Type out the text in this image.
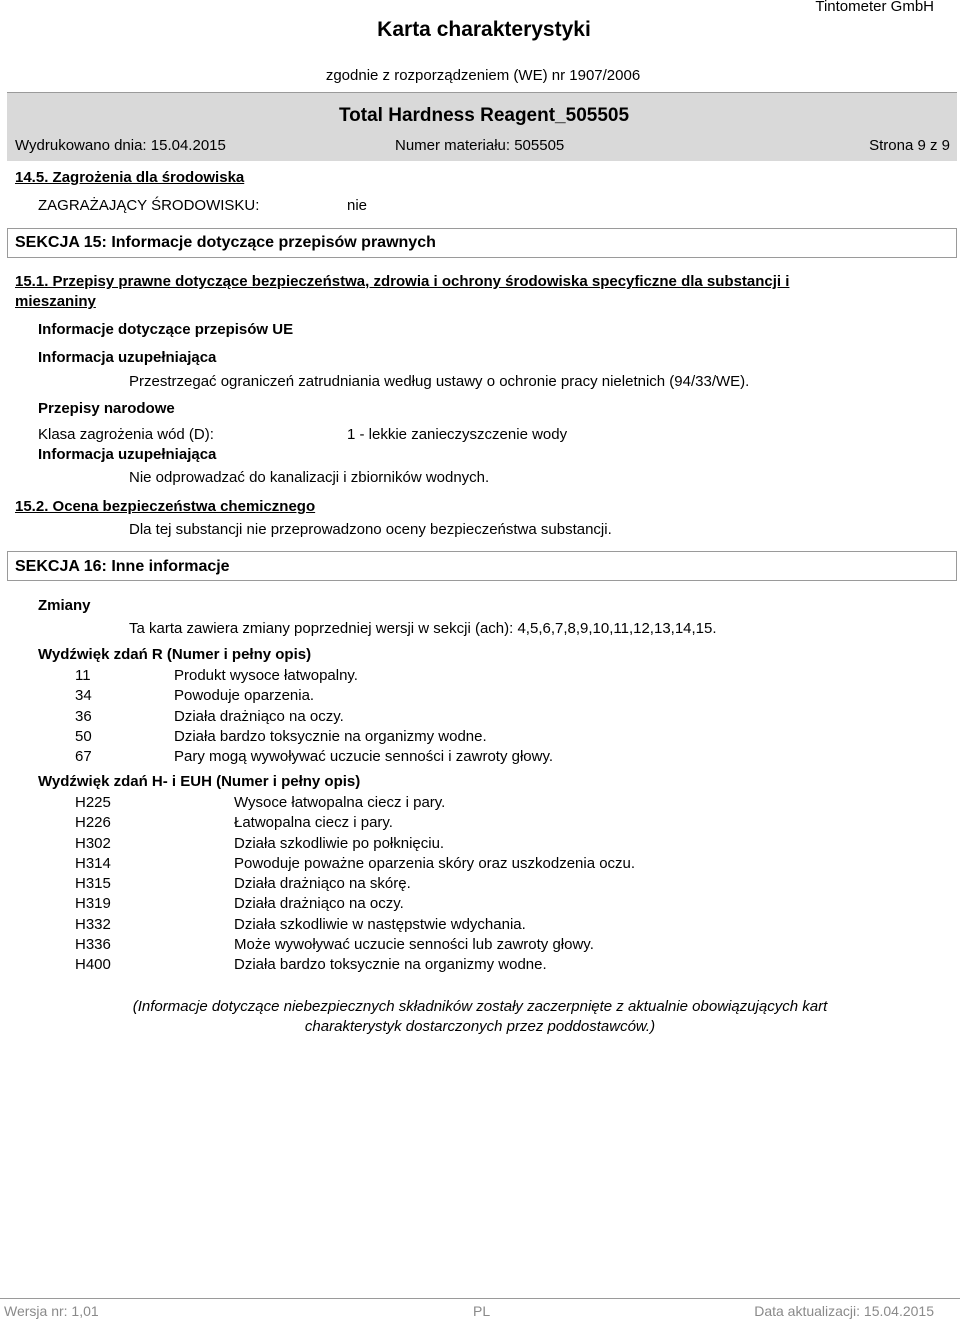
Karta charakterystyki
Tintometer GmbH
zgodnie z rozporządzeniem (WE) nr 1907/2006
Total Hardness Reagent_505505
Wydrukowano dnia: 15.04.2015	Numer materiału: 505505	Strona 9 z 9
14.5. Zagrożenia dla środowiska
ZAGRAŻAJĄCY ŚRODOWISKU:	nie
SEKCJA 15: Informacje dotyczące przepisów prawnych
15.1. Przepisy prawne dotyczące bezpieczeństwa, zdrowia i ochrony środowiska specyficzne dla substancji i
mieszaniny
Informacje dotyczące przepisów UE
Informacja uzupełniająca
Przestrzegać ograniczeń zatrudniania według ustawy o ochronie pracy nieletnich (94/33/WE).
Przepisy narodowe
Klasa zagrożenia wód (D):	1 - lekkie zanieczyszczenie wody
Informacja uzupełniająca
Nie odprowadzać do kanalizacji i zbiorników wodnych.
15.2. Ocena bezpieczeństwa chemicznego
Dla tej substancji nie przeprowadzono oceny bezpieczeństwa substancji.
SEKCJA 16: Inne informacje
Zmiany
Ta karta zawiera zmiany poprzedniej wersji w sekcji (ach): 4,5,6,7,8,9,10,11,12,13,14,15.
Wydźwięk zdań R (Numer i pełny opis)
11	Produkt wysoce łatwopalny.
34	Powoduje oparzenia.
36	Działa drażniąco na oczy.
50	Działa bardzo toksycznie na organizmy wodne.
67	Pary mogą wywoływać uczucie senności i zawroty głowy.
Wydźwięk zdań H- i EUH (Numer i pełny opis)
H225	Wysoce łatwopalna ciecz i pary.
H226	Łatwopalna ciecz i pary.
H302	Działa szkodliwie po połknięciu.
H314	Powoduje poważne oparzenia skóry oraz uszkodzenia oczu.
H315	Działa drażniąco na skórę.
H319	Działa drażniąco na oczy.
H332	Działa szkodliwie w następstwie wdychania.
H336	Może wywoływać uczucie senności lub zawroty głowy.
H400	Działa bardzo toksycznie na organizmy wodne.
(Informacje dotyczące niebezpiecznych składników zostały zaczerpnięte z aktualnie obowiązujących kart
charakterystyk dostarczonych przez poddostawców.)
Wersja nr: 1,01	PL	Data aktualizacji: 15.04.2015
